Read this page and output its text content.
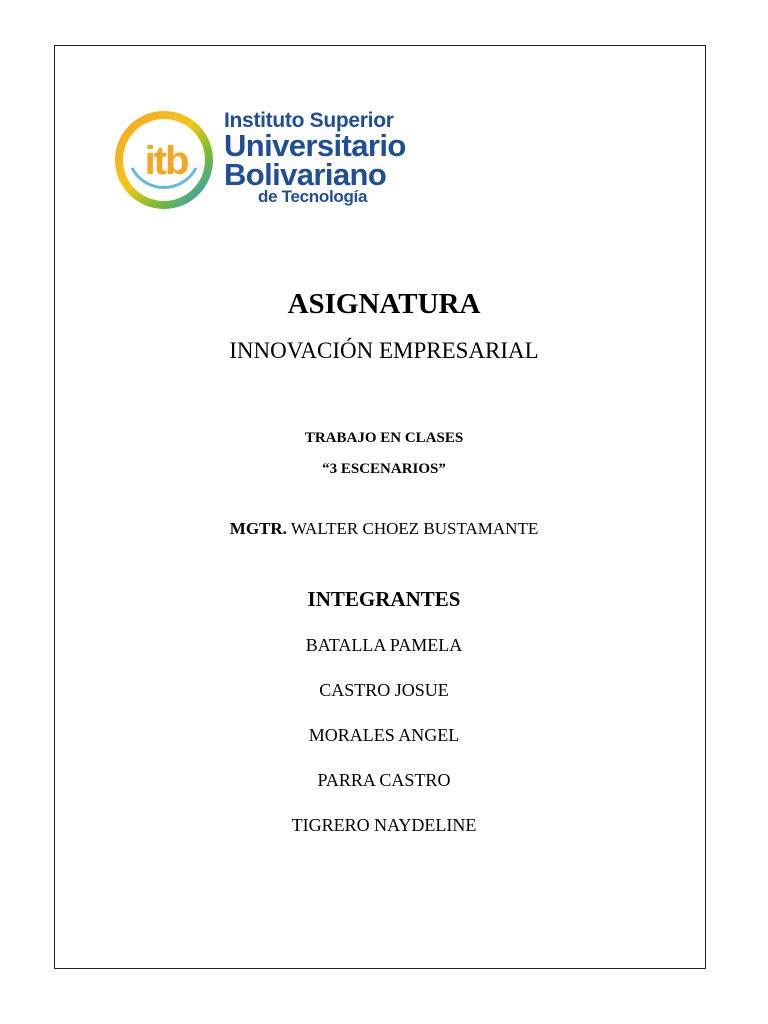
itb
Instituto Superior
Universitario
Bolivariano
de Tecnología
ASIGNATURA
INNOVACIÓN EMPRESARIAL
TRABAJO EN CLASES
“3 ESCENARIOS”
MGTR. WALTER CHOEZ BUSTAMANTE
INTEGRANTES
BATALLA PAMELA
CASTRO JOSUE
MORALES ANGEL
PARRA CASTRO
TIGRERO NAYDELINE
